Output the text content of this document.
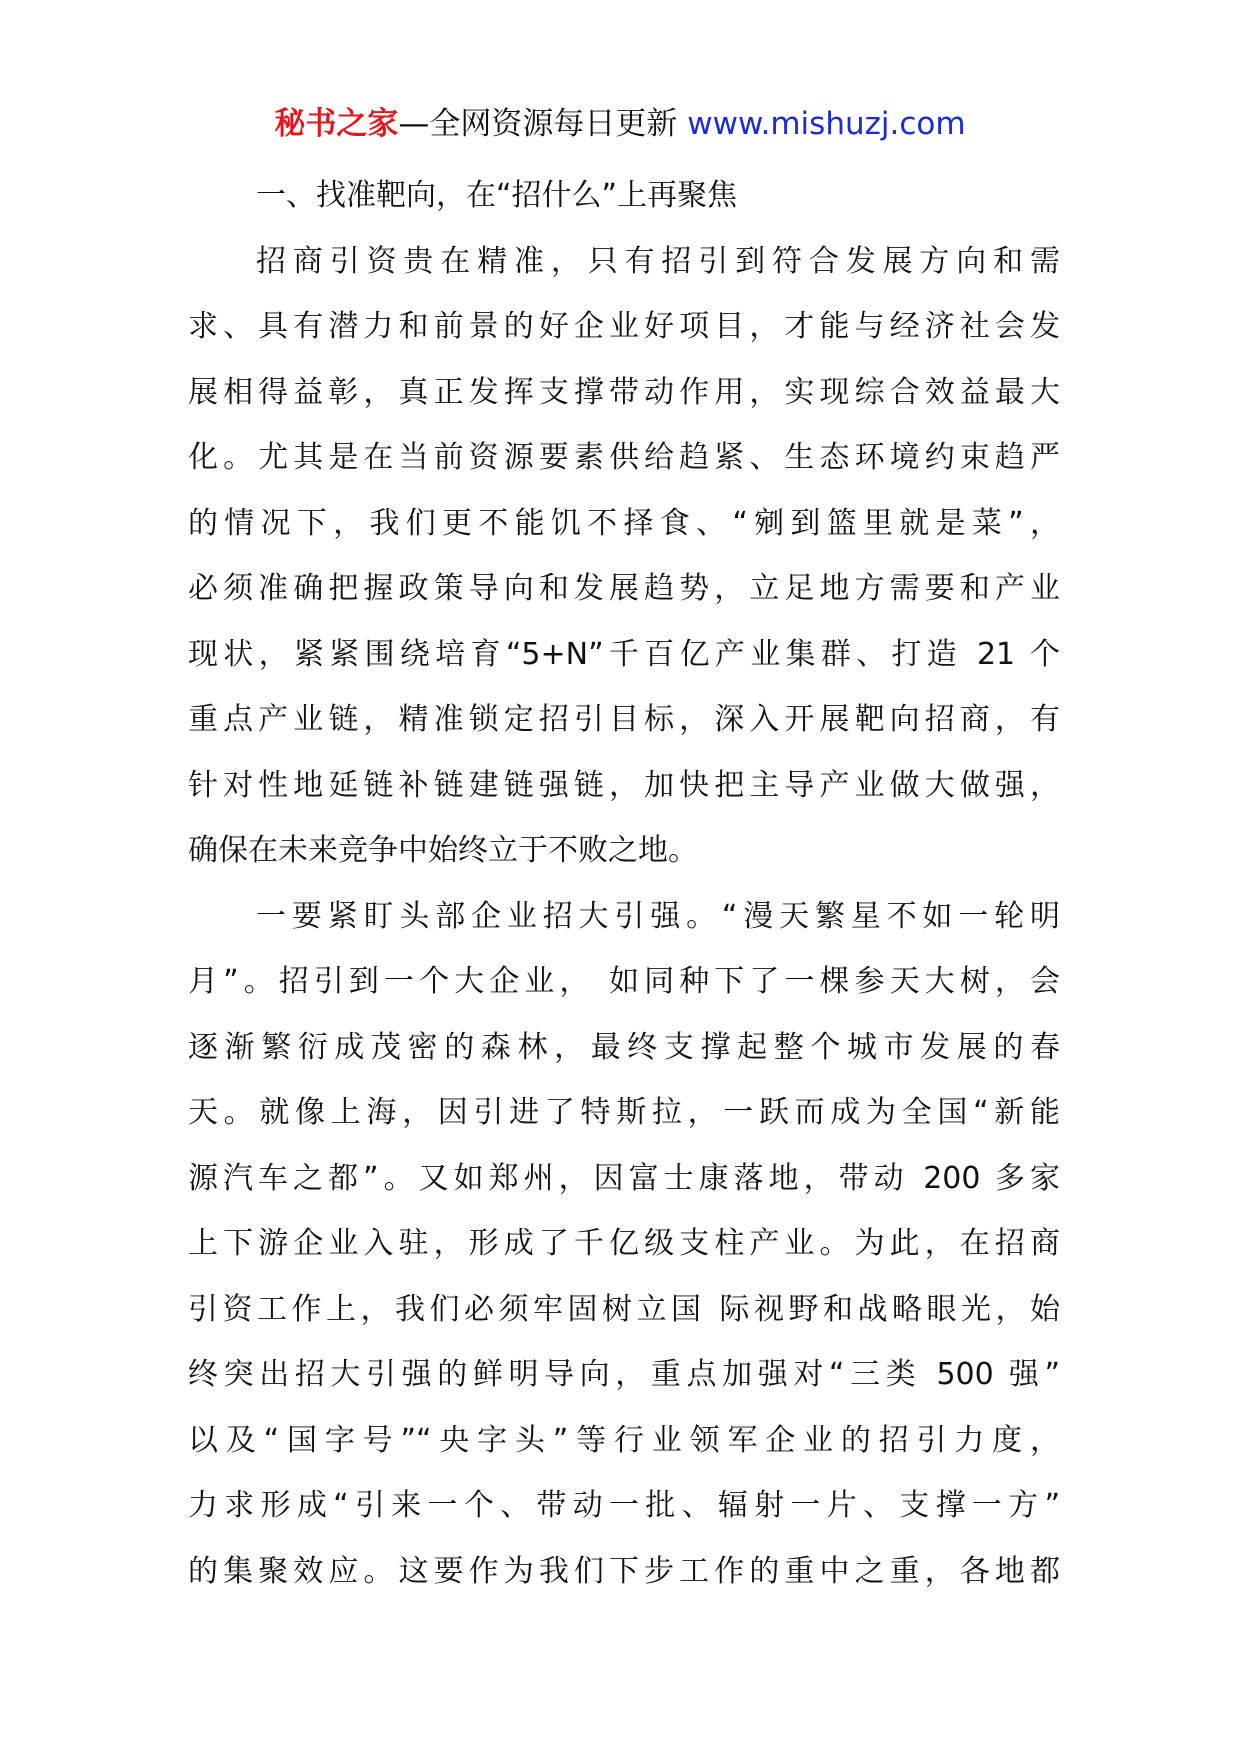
秘书之家—全网资源每日更新 www.mishuzj.com
一、找准靶向，在“招什么”上再聚焦
招商引资贵在精准，只有招引到符合发展方向和需
求、具有潜力和前景的好企业好项目，才能与经济社会发
展相得益彰，真正发挥支撑带动作用，实现综合效益最大
化。尤其是在当前资源要素供给趋紧、生态环境约束趋严
的情况下，我们更不能饥不择食、“剜到篮里就是菜”，
必须准确把握政策导向和发展趋势，立足地方需要和产业
现状，紧紧围绕培育“5+N”千百亿产业集群、打造 21 个
重点产业链，精准锁定招引目标，深入开展靶向招商，有
针对性地延链补链建链强链，加快把主导产业做大做强，
确保在未来竞争中始终立于不败之地。
一要紧盯头部企业招大引强。“漫天繁星不如一轮明
月”。招引到一个大企业， 如同种下了一棵参天大树，会
逐渐繁衍成茂密的森林，最终支撑起整个城市发展的春
天。就像上海，因引进了特斯拉，一跃而成为全国“新能
源汽车之都”。又如郑州，因富士康落地，带动 200 多家
上下游企业入驻，形成了千亿级支柱产业。为此，在招商
引资工作上，我们必须牢固树立国 际视野和战略眼光，始
终突出招大引强的鲜明导向，重点加强对“三类 500 强”
以及“国字号”“央字头”等行业领军企业的招引力度，
力求形成“引来一个、带动一批、辐射一片、支撑一方”
的集聚效应。这要作为我们下步工作的重中之重，各地都
